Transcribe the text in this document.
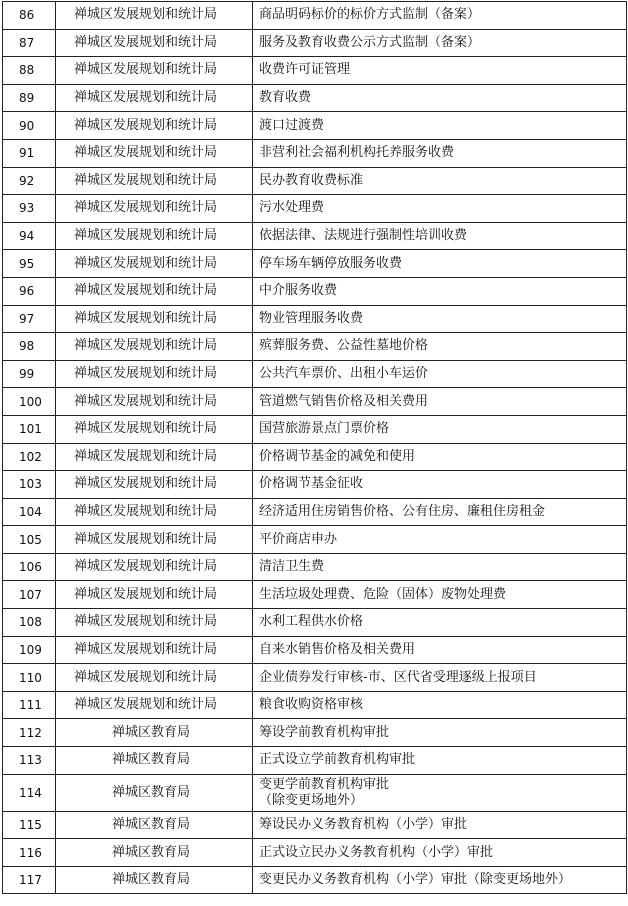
86	禅城区发展规划和统计局	商品明码标价的标价方式监制（备案）
87	禅城区发展规划和统计局	服务及教育收费公示方式监制（备案）
88	禅城区发展规划和统计局	收费许可证管理
89	禅城区发展规划和统计局	教育收费
90	禅城区发展规划和统计局	渡口过渡费
91	禅城区发展规划和统计局	非营利社会福利机构托养服务收费
92	禅城区发展规划和统计局	民办教育收费标准
93	禅城区发展规划和统计局	污水处理费
94	禅城区发展规划和统计局	依据法律、法规进行强制性培训收费
95	禅城区发展规划和统计局	停车场车辆停放服务收费
96	禅城区发展规划和统计局	中介服务收费
97	禅城区发展规划和统计局	物业管理服务收费
98	禅城区发展规划和统计局	殡葬服务费、公益性墓地价格
99	禅城区发展规划和统计局	公共汽车票价、出租小车运价
100	禅城区发展规划和统计局	管道燃气销售价格及相关费用
101	禅城区发展规划和统计局	国营旅游景点门票价格
102	禅城区发展规划和统计局	价格调节基金的减免和使用
103	禅城区发展规划和统计局	价格调节基金征收
104	禅城区发展规划和统计局	经济适用住房销售价格、公有住房、廉租住房租金
105	禅城区发展规划和统计局	平价商店申办
106	禅城区发展规划和统计局	清洁卫生费
107	禅城区发展规划和统计局	生活垃圾处理费、危险（固体）废物处理费
108	禅城区发展规划和统计局	水利工程供水价格
109	禅城区发展规划和统计局	自来水销售价格及相关费用
110	禅城区发展规划和统计局	企业债券发行审核-市、区代省受理逐级上报项目
111	禅城区发展规划和统计局	粮食收购资格审核
112	禅城区教育局	筹设学前教育机构审批
113	禅城区教育局	正式设立学前教育机构审批
114	禅城区教育局	变更学前教育机构审批
（除变更场地外）

115	禅城区教育局	筹设民办义务教育机构（小学）审批
116	禅城区教育局	正式设立民办义务教育机构（小学）审批
117	禅城区教育局	变更民办义务教育机构（小学）审批（除变更场地外）
